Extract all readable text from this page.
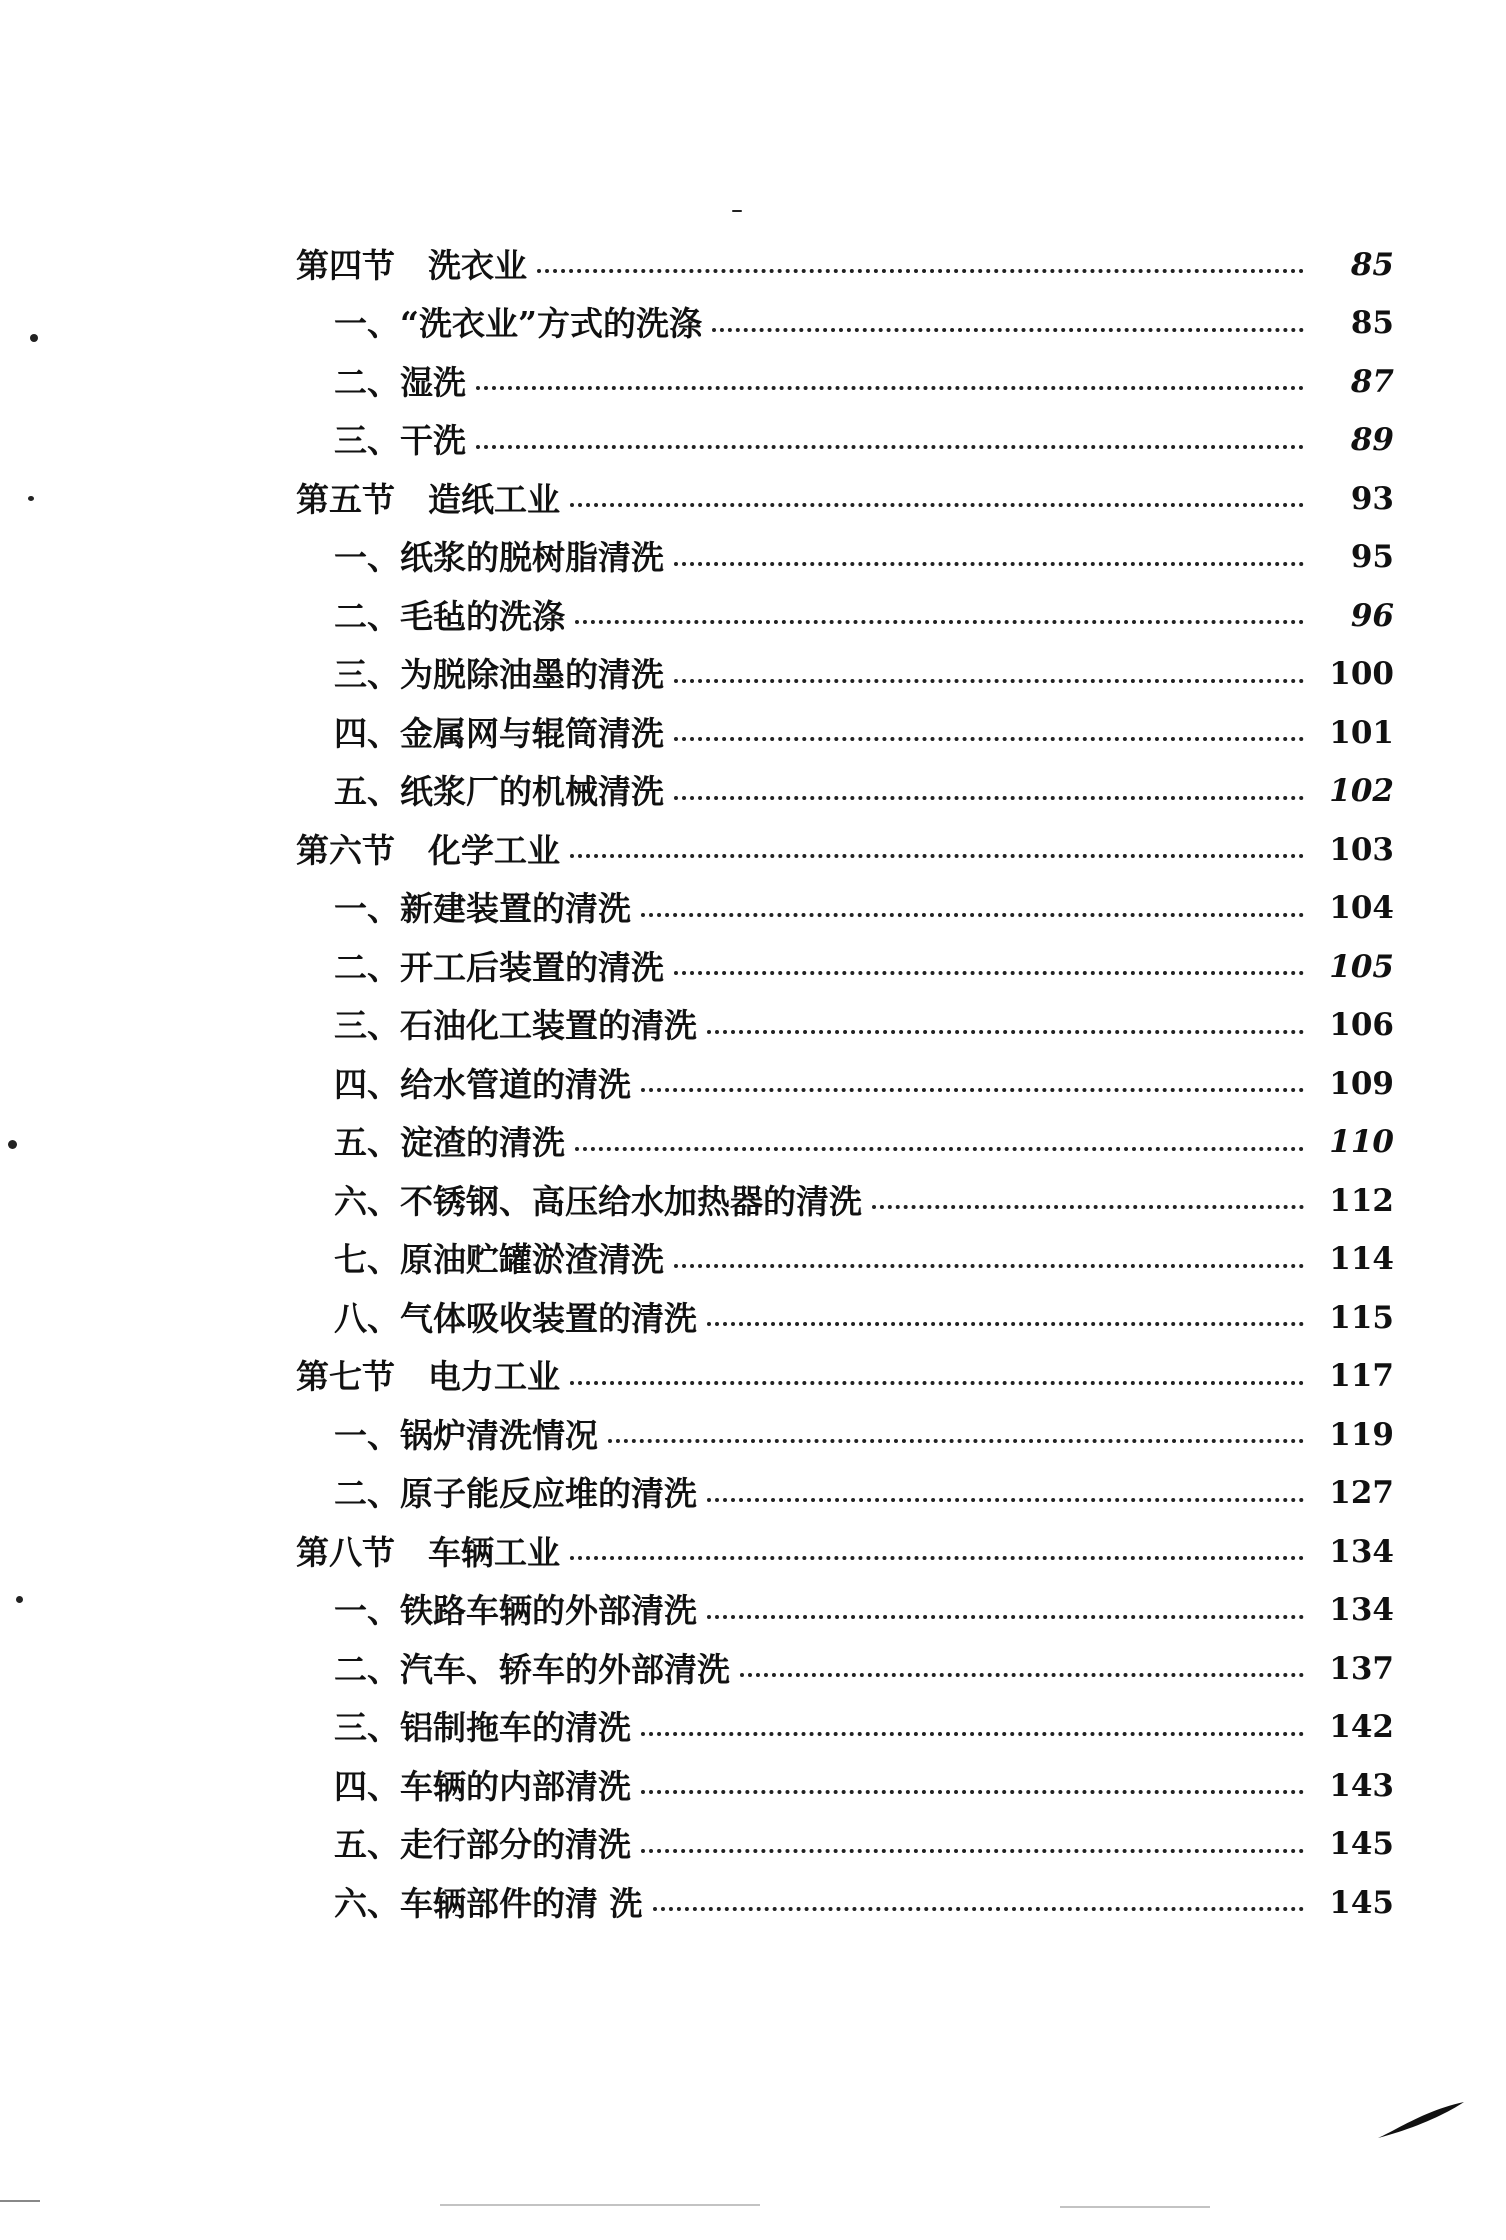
第四节　洗衣业	85
一、“洗衣业”方式的洗涤	85
二、湿洗	87
三、干洗	89
第五节　造纸工业	93
一、纸浆的脱树脂清洗	95
二、毛毡的洗涤	96
三、为脱除油墨的清洗	100
四、金属网与辊筒清洗	101
五、纸浆厂的机械清洗	102
第六节　化学工业	103
一、新建装置的清洗	104
二、开工后装置的清洗	105
三、石油化工装置的清洗	106
四、给水管道的清洗	109
五、淀渣的清洗	110
六、不锈钢、高压给水加热器的清洗	112
七、原油贮罐淤渣清洗	114
八、气体吸收装置的清洗	115
第七节　电力工业	117
一、锅炉清洗情况	119
二、原子能反应堆的清洗	127
第八节　车辆工业	134
一、铁路车辆的外部清洗	134
二、汽车、轿车的外部清洗	137
三、铝制拖车的清洗	142
四、车辆的内部清洗	143
五、走行部分的清洗	145
六、车辆部件的清 洗	145
